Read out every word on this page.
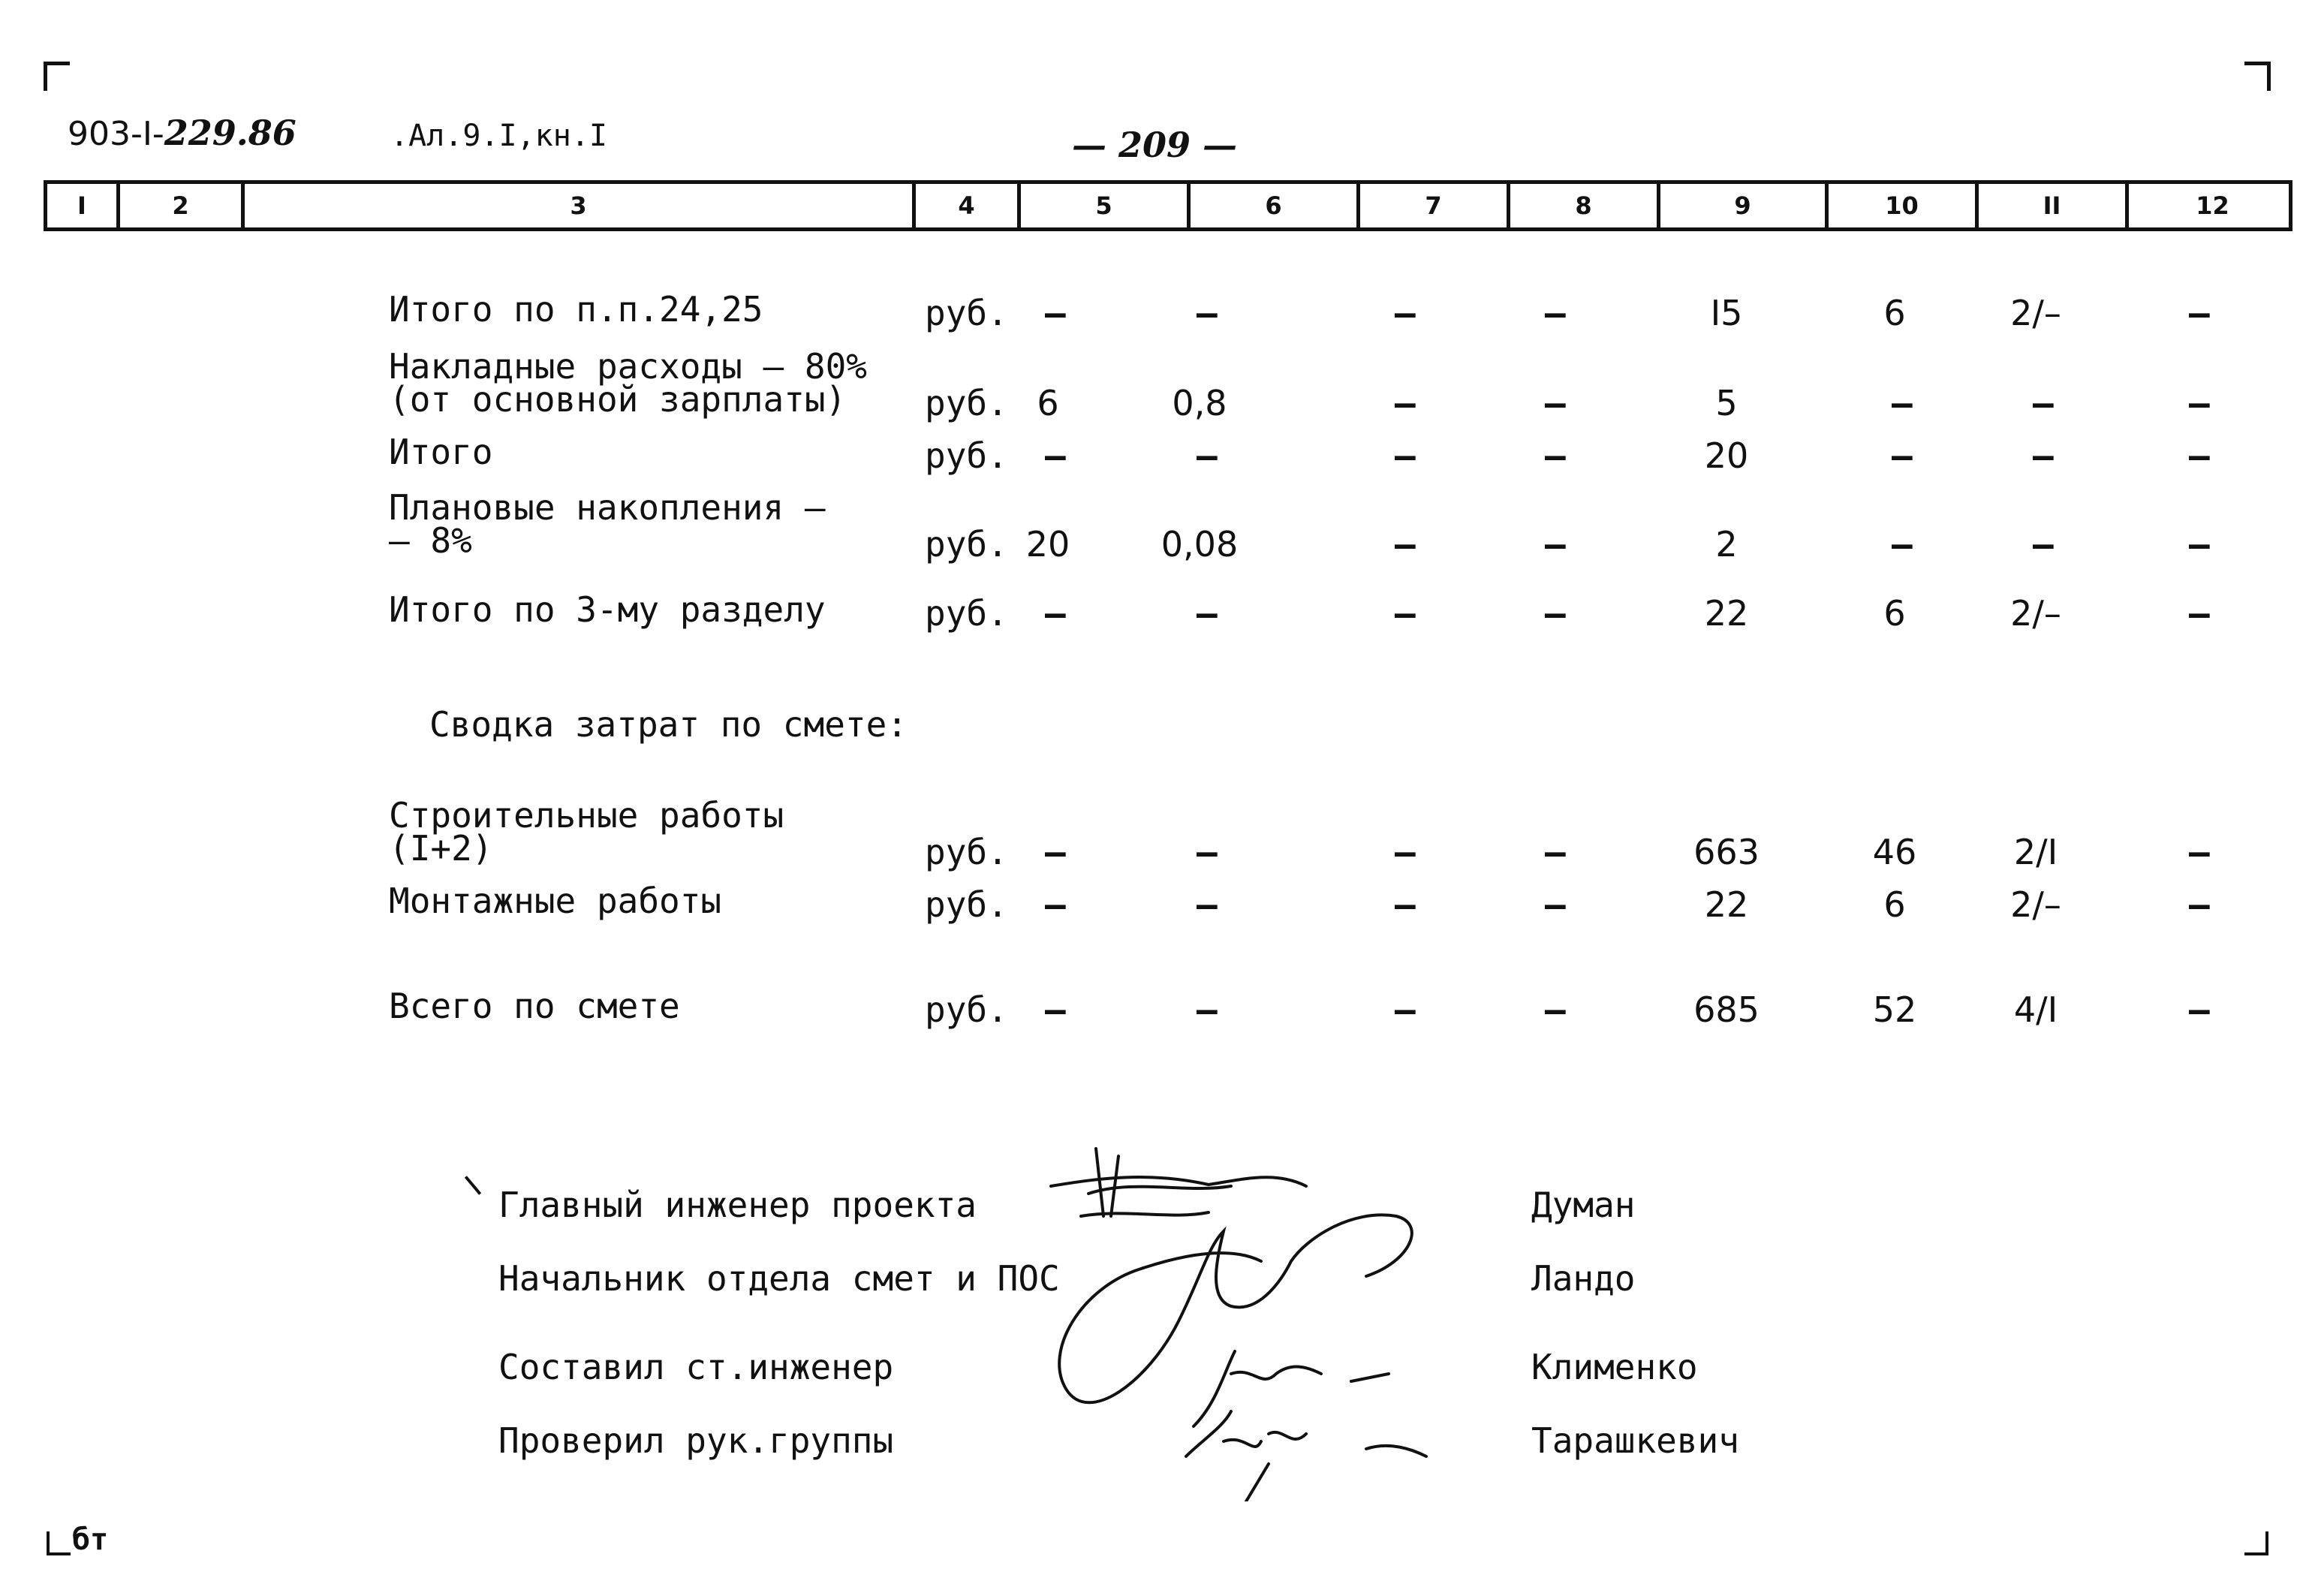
903-I-229.86	.Ал.9.I,кн.I	— 209 —
I	2	3	4	5	6	7	8	9	10	II	12
Итого по п.п.24,25	руб. –	–	–	–	I5	6	2/–	–
Накладные расходы – 80%
(от основной зарплаты) руб. 6	0,8	–	–	5	–	–	–
Итого	руб. –	–	–	–	20	–	–	–
Плановые накопления –
– 8%	руб. 20	0,08	–	–	2	–	–	–
Итого по 3-му разделу	руб. –	–	–	–	22	6	2/–	–
Сводка затрат по смете:
Строительные работы
(I+2)	руб. –	–	–	–	663	46	2/I	–
Монтажные работы	руб. –	–	–	–	22	6	2/–	–
Всего по смете	руб. –	–	–	–	685	52	4/I	–
Главный инженер проекта	Думан
Начальник отдела смет и ПОС	Ландо
Составил ст.инженер	Клименко
Проверил рук.группы	Тарашкевич
бт
